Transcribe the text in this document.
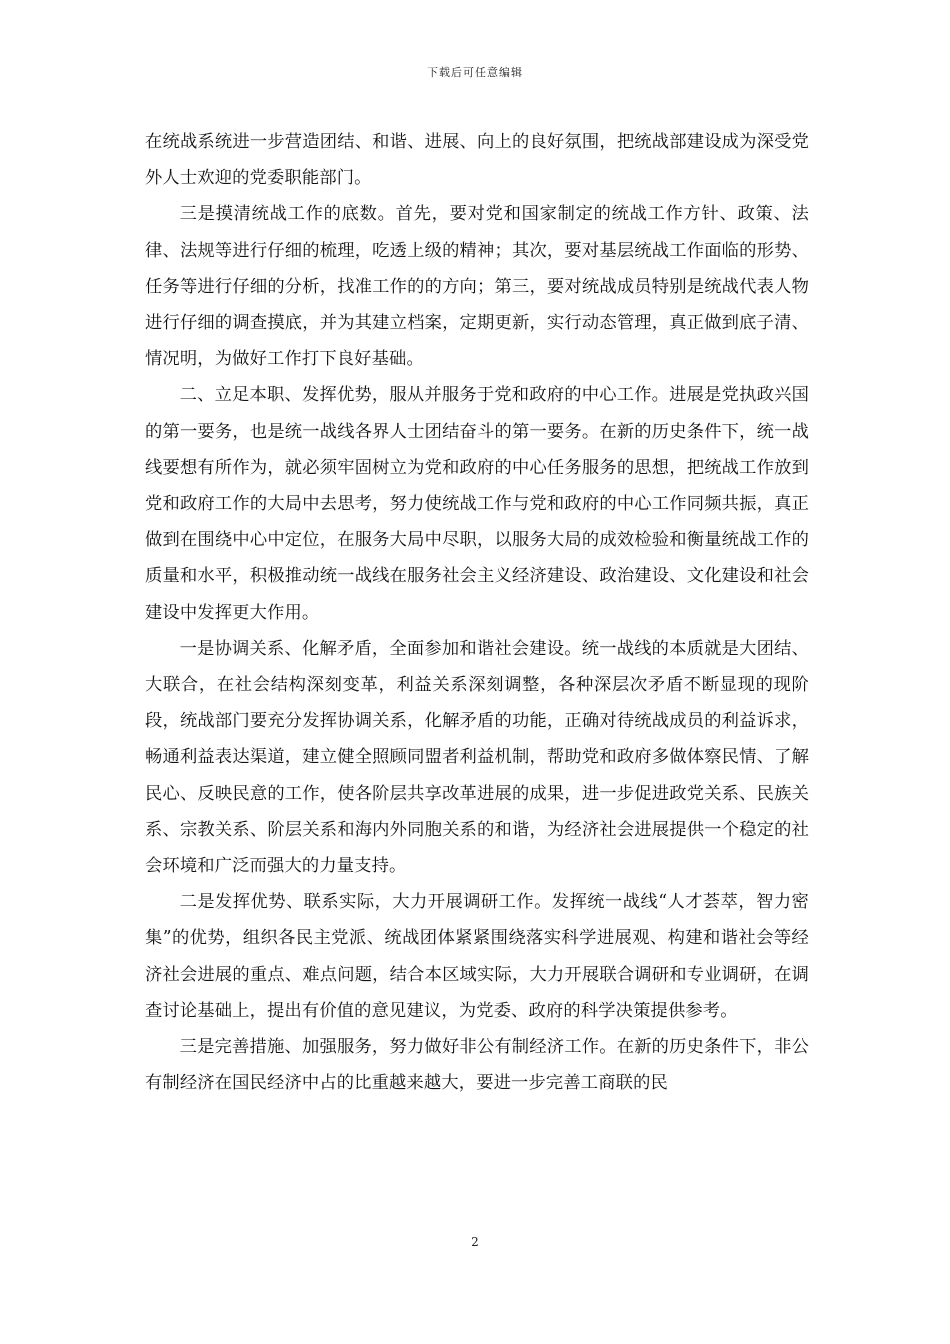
下载后可任意编辑

在统战系统进一步营造团结、和谐、进展、向上的良好氛围，把统战部建设成为深受党外人士欢迎的党委职能部门。

三是摸清统战工作的底数。首先，要对党和国家制定的统战工作方针、政策、法律、法规等进行仔细的梳理，吃透上级的精神；其次，要对基层统战工作面临的形势、任务等进行仔细的分析，找准工作的的方向；第三，要对统战成员特别是统战代表人物进行仔细的调查摸底，并为其建立档案，定期更新，实行动态管理，真正做到底子清、情况明，为做好工作打下良好基础。

二、立足本职、发挥优势，服从并服务于党和政府的中心工作。进展是党执政兴国的第一要务，也是统一战线各界人士团结奋斗的第一要务。在新的历史条件下，统一战线要想有所作为，就必须牢固树立为党和政府的中心任务服务的思想，把统战工作放到党和政府工作的大局中去思考，努力使统战工作与党和政府的中心工作同频共振，真正做到在围绕中心中定位，在服务大局中尽职，以服务大局的成效检验和衡量统战工作的质量和水平，积极推动统一战线在服务社会主义经济建设、政治建设、文化建设和社会建设中发挥更大作用。

一是协调关系、化解矛盾，全面参加和谐社会建设。统一战线的本质就是大团结、大联合，在社会结构深刻变革，利益关系深刻调整，各种深层次矛盾不断显现的现阶段，统战部门要充分发挥协调关系，化解矛盾的功能，正确对待统战成员的利益诉求，畅通利益表达渠道，建立健全照顾同盟者利益机制，帮助党和政府多做体察民情、了解民心、反映民意的工作，使各阶层共享改革进展的成果，进一步促进政党关系、民族关系、宗教关系、阶层关系和海内外同胞关系的和谐，为经济社会进展提供一个稳定的社会环境和广泛而强大的力量支持。

二是发挥优势、联系实际，大力开展调研工作。发挥统一战线“人才荟萃，智力密集”的优势，组织各民主党派、统战团体紧紧围绕落实科学进展观、构建和谐社会等经济社会进展的重点、难点问题，结合本区域实际，大力开展联合调研和专业调研，在调查讨论基础上，提出有价值的意见建议，为党委、政府的科学决策提供参考。

三是完善措施、加强服务，努力做好非公有制经济工作。在新的历史条件下，非公有制经济在国民经济中占的比重越来越大，要进一步完善工商联的民

2
